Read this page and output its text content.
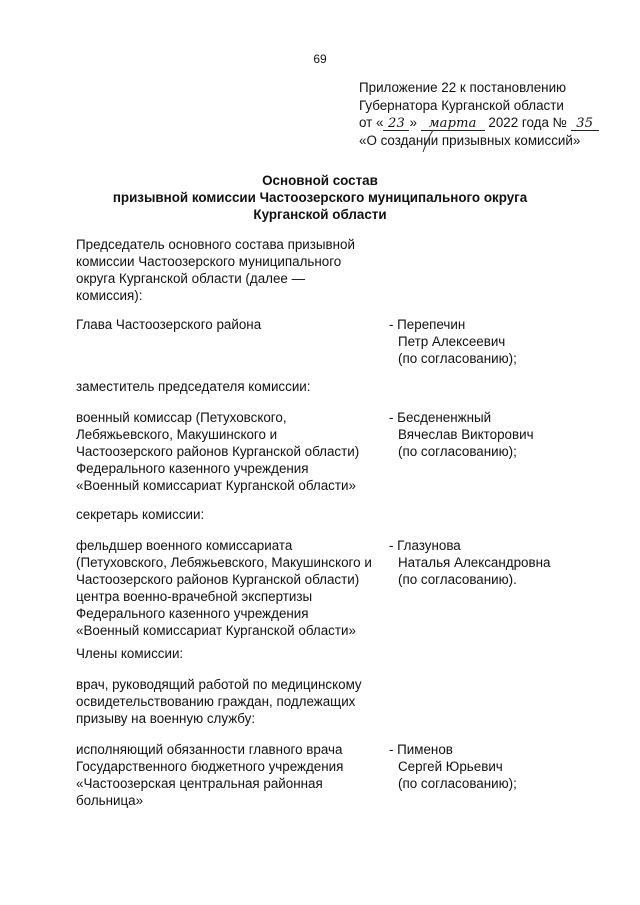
69
Приложение 22 к постановлению
Губернатора Курганской области
от « 23 » марта 2022 года № 35
«О создании призывных комиссий»
Основной состав
призывной комиссии Частоозерского муниципального округа
Курганской области
Председатель основного состава призывной
комиссии Частоозерского муниципального
округа Курганской области (далее —
комиссия):
Глава Частоозерского района	- Перепечин
Петр Алексеевич
(по согласованию);
заместитель председателя комиссии:
военный комиссар (Петуховского,
Лебяжьевского, Макушинского и
Частоозерского районов Курганской области)
Федерального казенного учреждения
«Военный комиссариат Курганской области»
- Бесдененжный
Вячеслав Викторович
(по согласованию);
секретарь комиссии:
фельдшер военного комиссариата
(Петуховского, Лебяжьевского, Макушинского и
Частоозерского районов Курганской области)
центра военно-врачебной экспертизы
Федерального казенного учреждения
«Военный комиссариат Курганской области»
- Глазунова
Наталья Александровна
(по согласованию).
Члены комиссии:
врач, руководящий работой по медицинскому
освидетельствованию граждан, подлежащих
призыву на военную службу:
исполняющий обязанности главного врача
Государственного бюджетного учреждения
«Частоозерская центральная районная
больница»
- Пименов
Сергей Юрьевич
(по согласованию);
